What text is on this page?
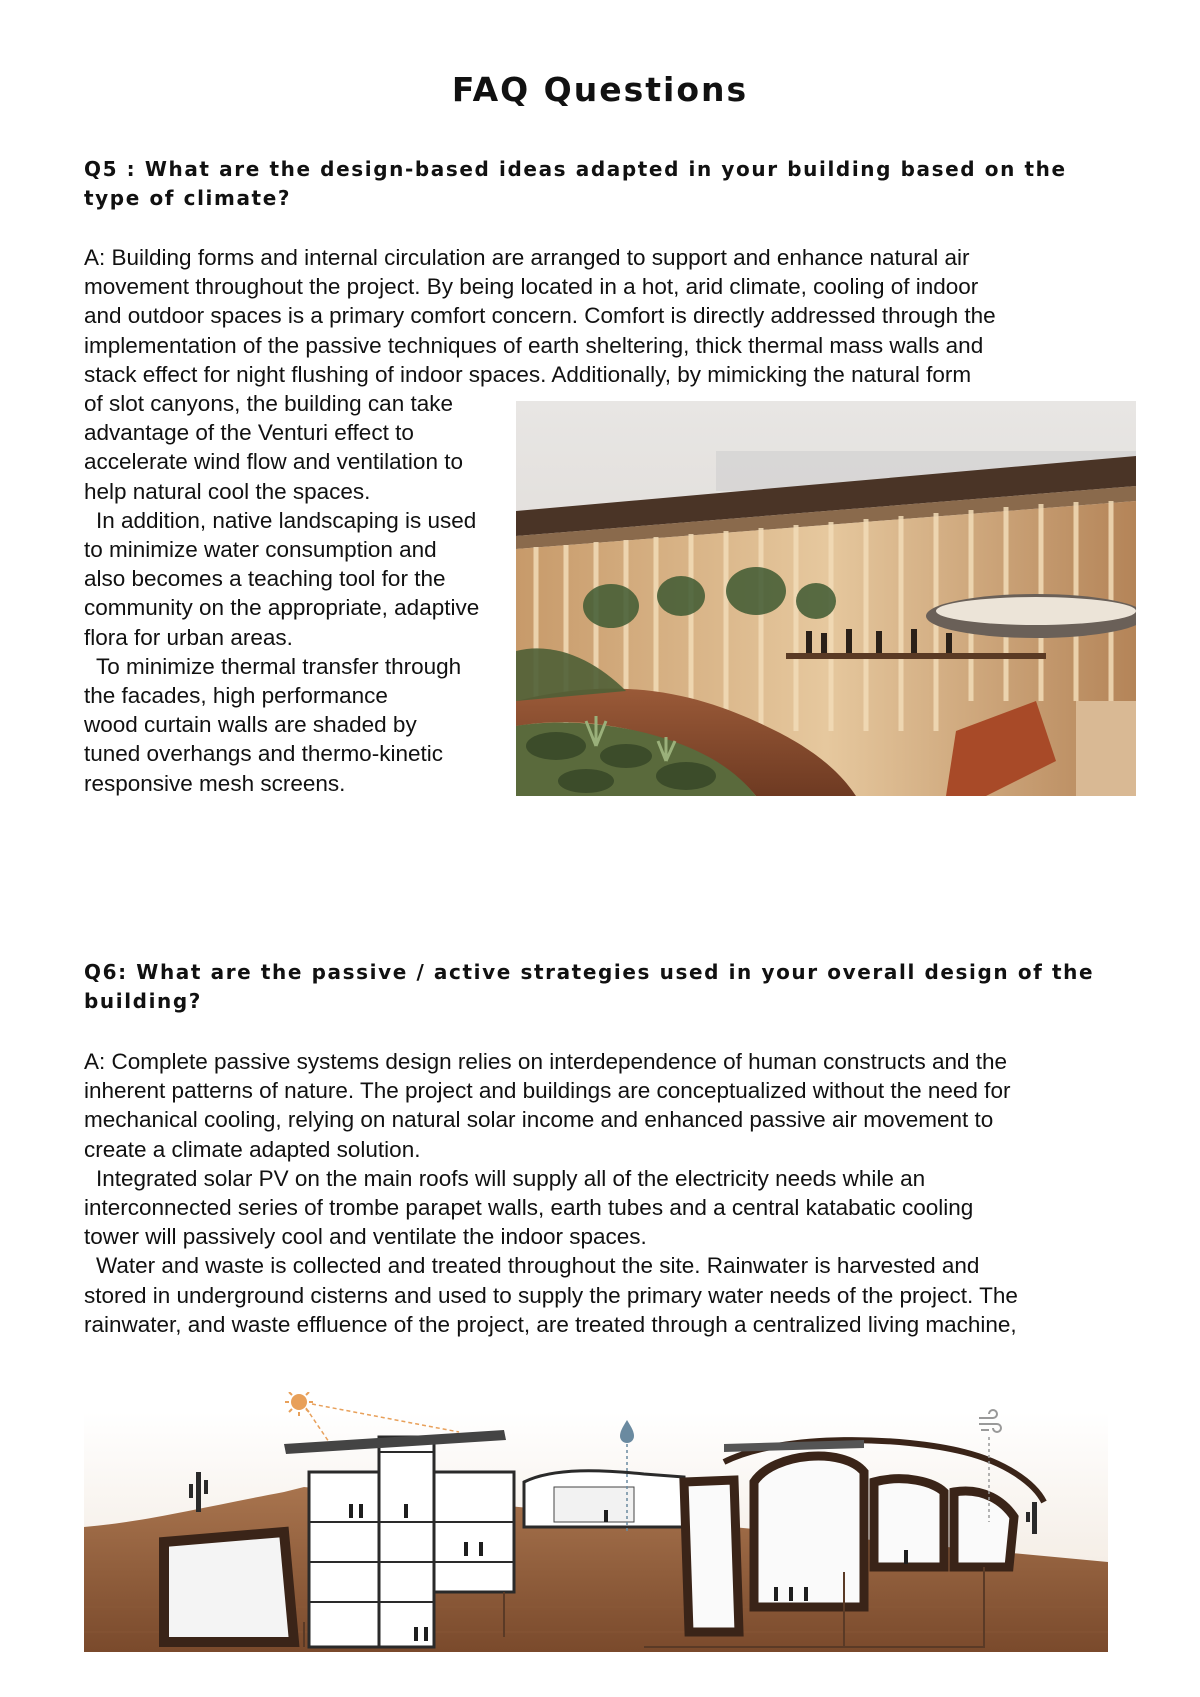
FAQ Questions
Q5 : What are the design-based ideas adapted in your building based on the type of climate?

A: Building forms and internal circulation are arranged to support and enhance natural air

movement throughout the project. By being located in a hot, arid climate, cooling of indoor

and outdoor spaces is a primary comfort concern. Comfort is directly addressed through the

implementation of the passive techniques of earth sheltering, thick thermal mass walls and

stack effect for night flushing of indoor spaces. Additionally, by mimicking the natural form

of slot canyons, the building can take

advantage of the Venturi effect to

accelerate wind flow and ventilation to

help natural cool the spaces.

In addition, native landscaping is used

to minimize water consumption and

also becomes a teaching tool for the

community on the appropriate, adaptive

flora for urban areas.

To minimize thermal transfer through

the facades, high performance

wood curtain walls are shaded by

tuned overhangs and thermo-kinetic

responsive mesh screens.

Q6: What are the passive / active strategies used in your overall design of the building?

A: Complete passive systems design relies on interdependence of human constructs and the

inherent patterns of nature. The project and buildings are conceptualized without the need for

mechanical cooling, relying on natural solar income and enhanced passive air movement to

create a climate adapted solution.

Integrated solar PV on the main roofs will supply all of the electricity needs while an

interconnected series of trombe parapet walls, earth tubes and a central katabatic cooling

tower will passively cool and ventilate the indoor spaces.

Water and waste is collected and treated throughout the site. Rainwater is harvested and

stored in underground cisterns and used to supply the primary water needs of the project. The

rainwater, and waste effluence of the project, are treated through a centralized living machine,
